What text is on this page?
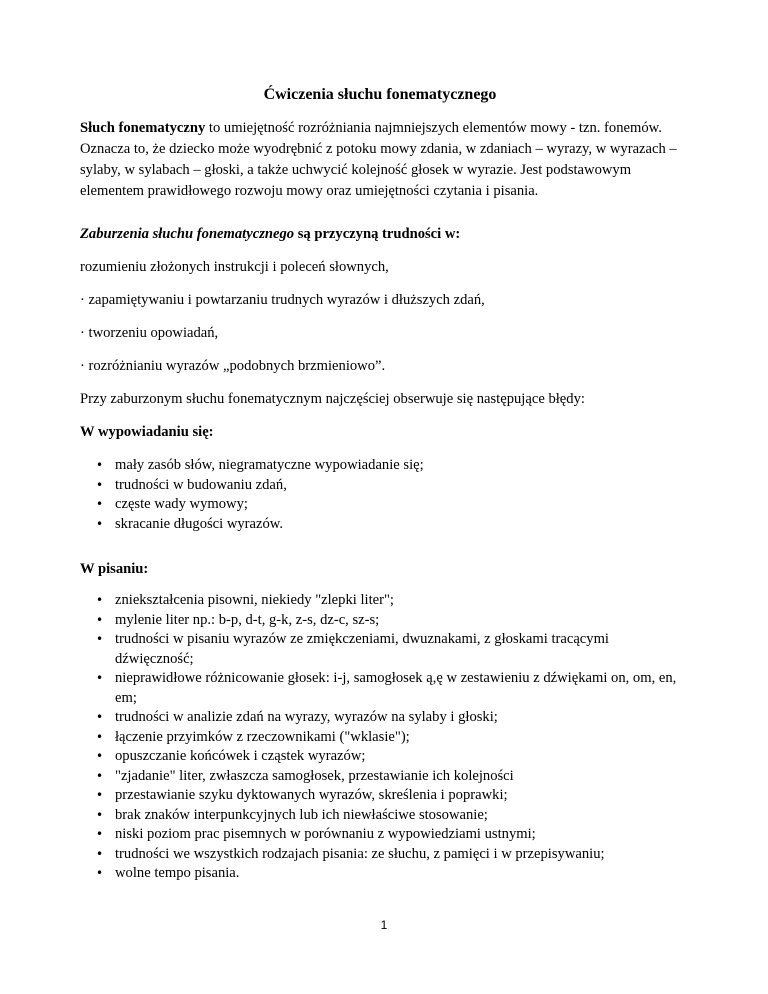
Ćwiczenia słuchu fonematycznego
Słuch fonematyczny to umiejętność rozróżniania najmniejszych elementów mowy - tzn. fonemów. Oznacza to, że dziecko może wyodrębnić z potoku mowy zdania, w zdaniach – wyrazy, w wyrazach – sylaby, w sylabach – głoski, a także uchwycić kolejność głosek w wyrazie. Jest podstawowym elementem prawidłowego rozwoju mowy oraz umiejętności czytania i pisania.
Zaburzenia słuchu fonematycznego są przyczyną trudności w:
rozumieniu złożonych instrukcji i poleceń słownych,
· zapamiętywaniu i powtarzaniu trudnych wyrazów i dłuższych zdań,
· tworzeniu opowiadań,
· rozróżnianiu wyrazów „podobnych brzmieniowo”.
Przy zaburzonym słuchu fonematycznym najczęściej obserwuje się następujące błędy:
W wypowiadaniu się:
• mały zasób słów, niegramatyczne wypowiadanie się;
• trudności w budowaniu zdań,
• częste wady wymowy;
• skracanie długości wyrazów.
W pisaniu:
• zniekształcenia pisowni, niekiedy "zlepki liter";
• mylenie liter np.: b-p, d-t, g-k, z-s, dz-c, sz-s;
• trudności w pisaniu wyrazów ze zmiękczeniami, dwuznakami, z głoskami tracącymi dźwięczność;
• nieprawidłowe różnicowanie głosek: i-j, samogłosek ą,ę w zestawieniu z dźwiękami on, om, en, em;
• trudności w analizie zdań na wyrazy, wyrazów na sylaby i głoski;
• łączenie przyimków z rzeczownikami ("wklasie");
• opuszczanie końcówek i cząstek wyrazów;
• "zjadanie" liter, zwłaszcza samogłosek, przestawianie ich kolejności
• przestawianie szyku dyktowanych wyrazów, skreślenia i poprawki;
• brak znaków interpunkcyjnych lub ich niewłaściwe stosowanie;
• niski poziom prac pisemnych w porównaniu z wypowiedziami ustnymi;
• trudności we wszystkich rodzajach pisania: ze słuchu, z pamięci i w przepisywaniu;
• wolne tempo pisania.
1
